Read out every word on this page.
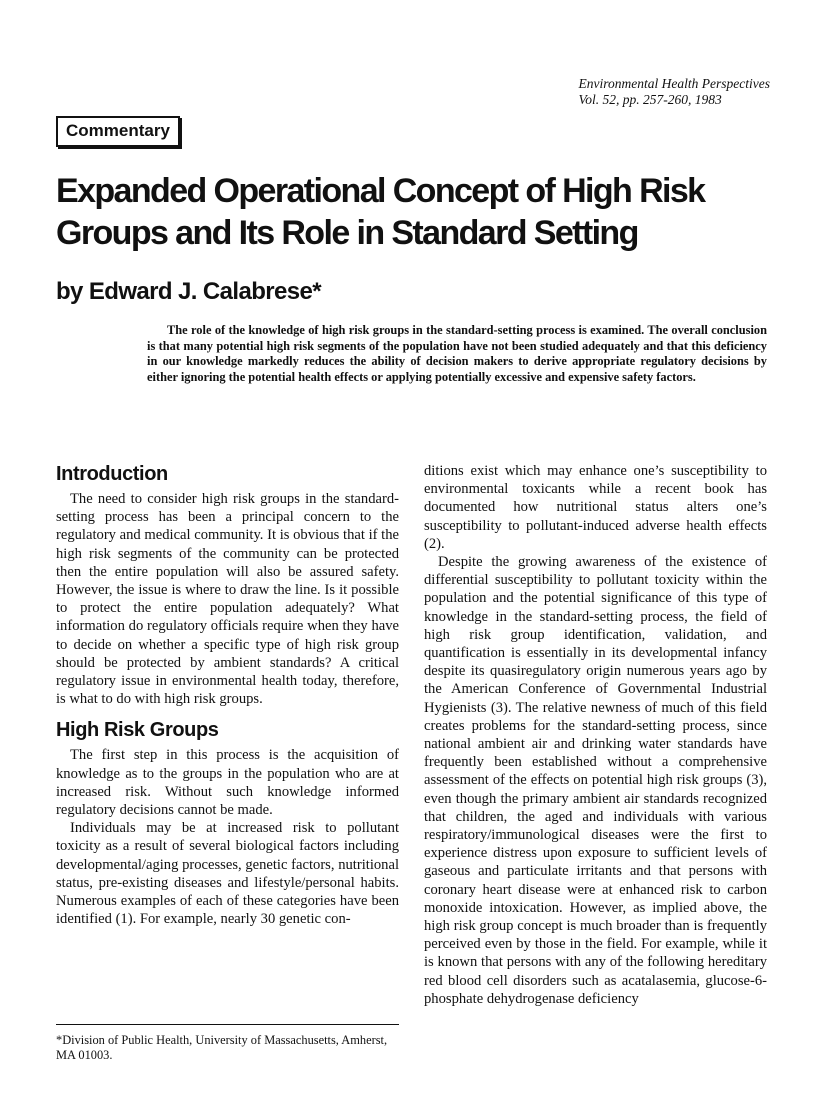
Environmental Health Perspectives
Vol. 52, pp. 257-260, 1983
Commentary
Expanded Operational Concept of High Risk Groups and Its Role in Standard Setting
by Edward J. Calabrese*
The role of the knowledge of high risk groups in the standard-setting process is examined. The overall conclusion is that many potential high risk segments of the population have not been studied adequately and that this deficiency in our knowledge markedly reduces the ability of decision makers to derive appropriate regulatory decisions by either ignoring the potential health effects or applying potentially excessive and expensive safety factors.
Introduction

The need to consider high risk groups in the standard-setting process has been a principal concern to the regulatory and medical community. It is obvious that if the high risk segments of the community can be protected then the entire population will also be assured safety. However, the issue is where to draw the line. Is it possible to protect the entire population adequately? What information do regulatory officials require when they have to decide on whether a specific type of high risk group should be protected by ambient standards? A critical regulatory issue in environmental health today, therefore, is what to do with high risk groups.

High Risk Groups

The first step in this process is the acquisition of knowledge as to the groups in the population who are at increased risk. Without such knowledge informed regulatory decisions cannot be made.

Individuals may be at increased risk to pollutant toxicity as a result of several biological factors including developmental/aging processes, genetic factors, nutritional status, pre-existing diseases and lifestyle/personal habits. Numerous examples of each of these categories have been identified (1). For example, nearly 30 genetic con-

ditions exist which may enhance one’s susceptibility to environmental toxicants while a recent book has documented how nutritional status alters one’s susceptibility to pollutant-induced adverse health effects (2).

Despite the growing awareness of the existence of differential susceptibility to pollutant toxicity within the population and the potential significance of this type of knowledge in the standard-setting process, the field of high risk group identification, validation, and quantification is essentially in its developmental infancy despite its quasiregulatory origin numerous years ago by the American Conference of Governmental Industrial Hygienists (3). The relative newness of much of this field creates problems for the standard-setting process, since national ambient air and drinking water standards have frequently been established without a comprehensive assessment of the effects on potential high risk groups (3), even though the primary ambient air standards recognized that children, the aged and individuals with various respiratory/immunological diseases were the first to experience distress upon exposure to sufficient levels of gaseous and particulate irritants and that persons with coronary heart disease were at enhanced risk to carbon monoxide intoxication. However, as implied above, the high risk group concept is much broader than is frequently perceived even by those in the field. For example, while it is known that persons with any of the following hereditary red blood cell disorders such as acatalasemia, glucose-6-phosphate dehydrogenase deficiency

*Division of Public Health, University of Massachusetts, Amherst, MA 01003.
